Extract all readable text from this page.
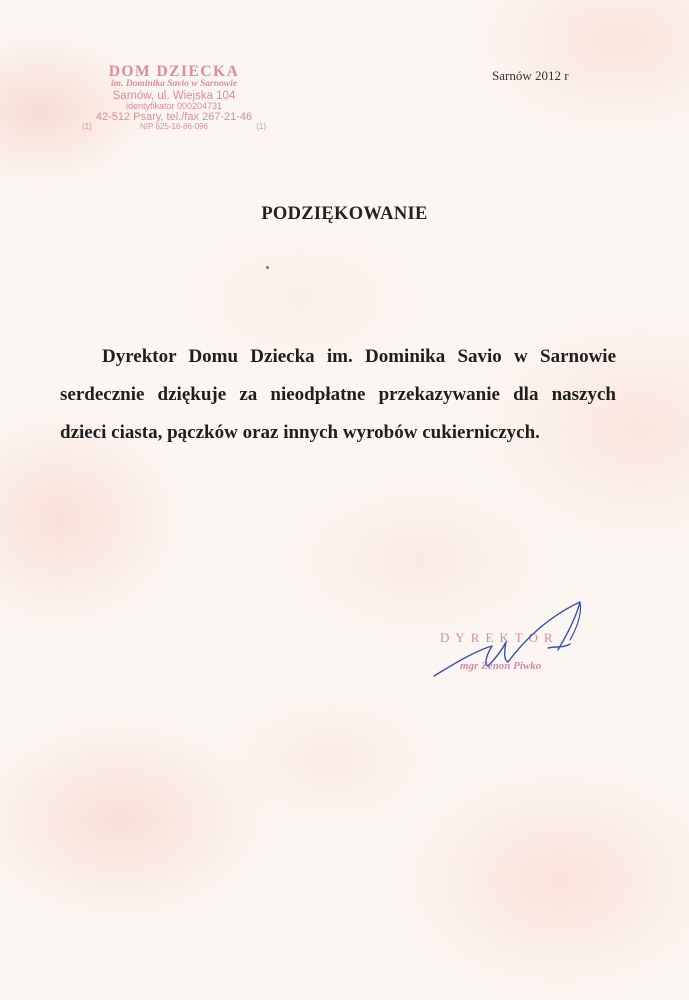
DOM DZIECKA
im. Dominika Savio w Sarnowie
Sarnów, ul. Wiejska 104
identyfikator 000204731
42-512 Psary, tel./fax 267-21-46
(1)	NIP 625-16-86-096	(1)
Sarnów 2012 r
PODZIĘKOWANIE

Dyrektor Domu Dziecka im. Dominika Savio w Sarnowie serdecznie dziękuje za nieodpłatne przekazywanie dla naszych dzieci ciasta, pączków oraz innych wyrobów cukierniczych.

DYREKTOR
mgr Zenon Piwko
